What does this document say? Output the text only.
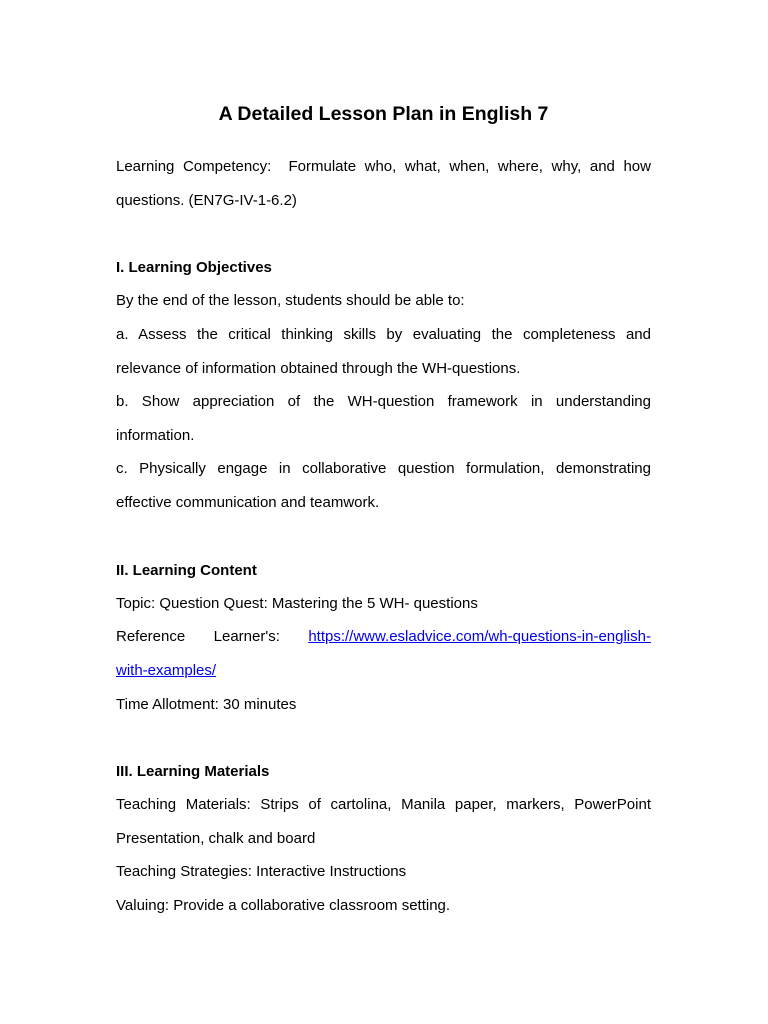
A Detailed Lesson Plan in English 7

Learning Competency: Formulate who, what, when, where, why, and how questions. (EN7G-IV-1-6.2)

I. Learning Objectives

By the end of the lesson, students should be able to:

a. Assess the critical thinking skills by evaluating the completeness and relevance of information obtained through the WH-questions.

b. Show appreciation of the WH-question framework in understanding information.

c. Physically engage in collaborative question formulation, demonstrating effective communication and teamwork.

II. Learning Content

Topic: Question Quest: Mastering the 5 WH- questions

Reference Learner's: https://www.esladvice.com/wh-questions-in-english-
with-examples/

Time Allotment: 30 minutes

III. Learning Materials

Teaching Materials: Strips of cartolina, Manila paper, markers, PowerPoint Presentation, chalk and board

Teaching Strategies: Interactive Instructions

Valuing: Provide a collaborative classroom setting.
